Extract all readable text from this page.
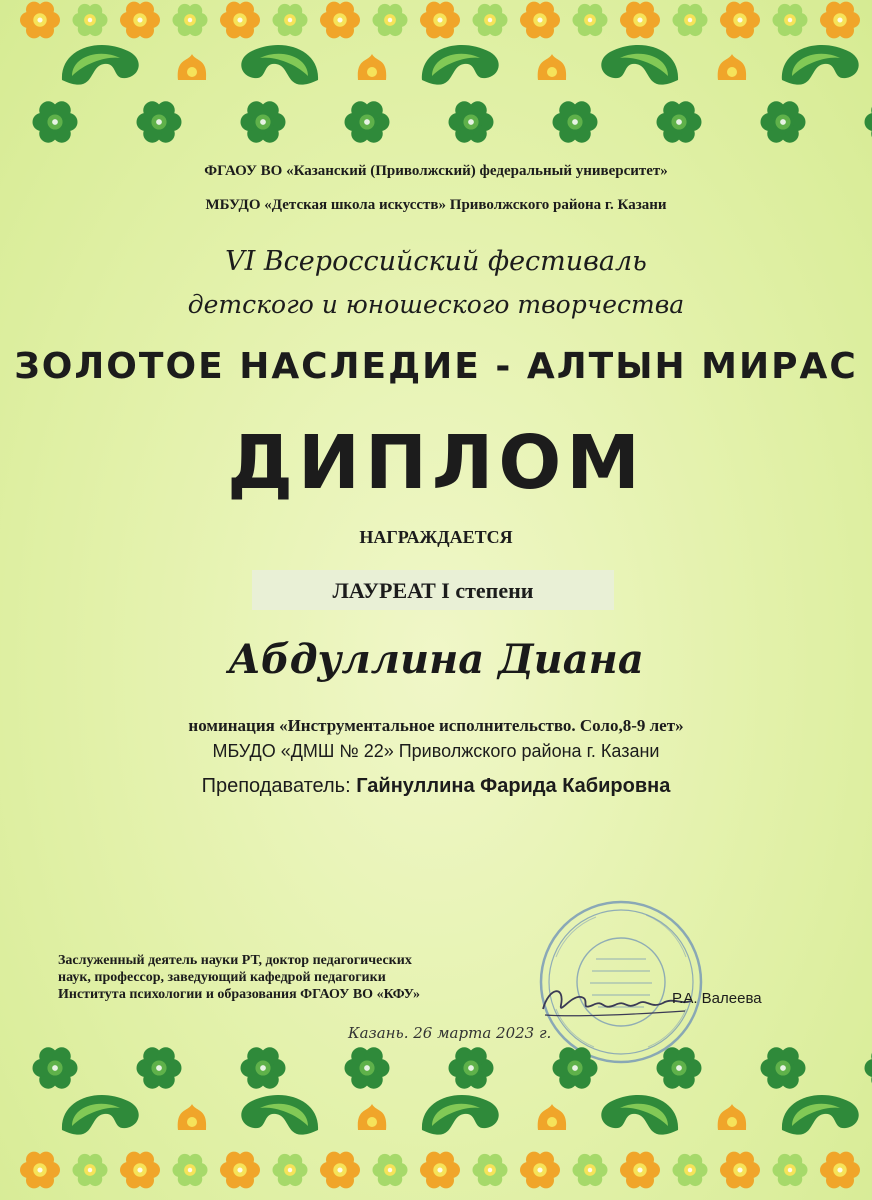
ФГАОУ ВО «Казанский (Приволжский) федеральный университет»
МБУДО «Детская школа искусств» Приволжского района г. Казани
VI Всероссийский фестиваль
детского и юношеского творчества
ЗОЛОТОЕ НАСЛЕДИЕ - АЛТЫН МИРАС
ДИПЛОМ
НАГРАЖДАЕТСЯ
ЛАУРЕАТ I степени
Абдуллина Диана
номинация «Инструментальное исполнительство. Соло,8-9 лет»
МБУДО «ДМШ № 22» Приволжского района г. Казани
Преподаватель: Гайнуллина Фарида Кабировна
Заслуженный деятель науки РТ, доктор педагогических
наук, профессор, заведующий кафедрой педагогики
Института психологии и образования ФГАОУ ВО «КФУ»	Р.А. Валеева
Казань. 26 марта 2023 г.
